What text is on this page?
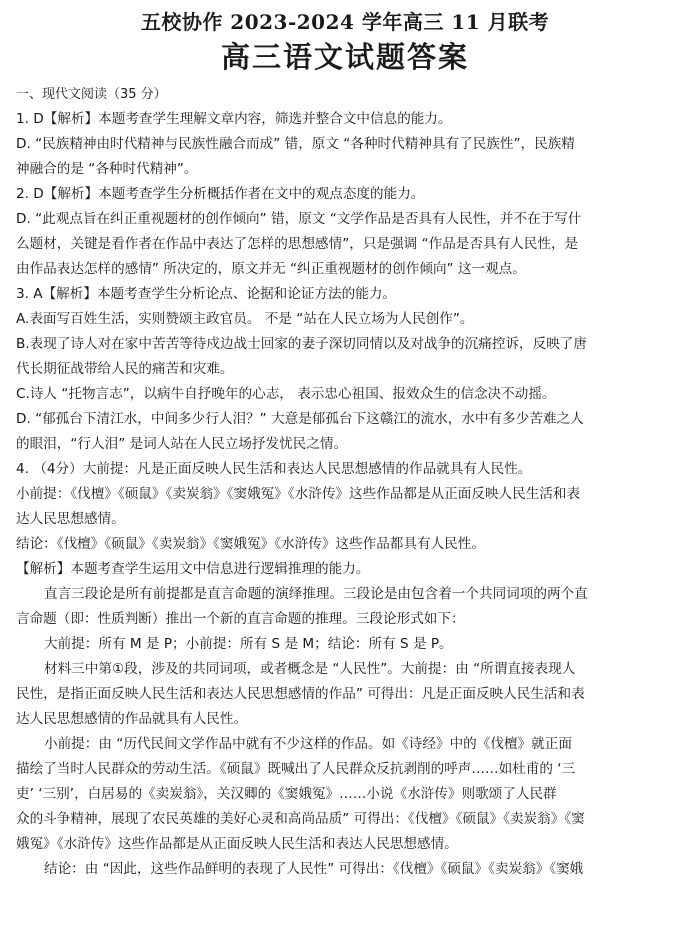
五校协作 2023-2024 学年高三 11 月联考
高三语文试题答案

一、现代文阅读（35 分）

1. D【解析】本题考查学生理解文章内容，筛选并整合文中信息的能力。

D. “民族精神由时代精神与民族性融合而成” 错，原文 “各种时代精神具有了民族性”，民族精

神融合的是 “各种时代精神”。

2. D【解析】本题考查学生分析概括作者在文中的观点态度的能力。

D. “此观点旨在纠正重视题材的创作倾向” 错，原文 “文学作品是否具有人民性，并不在于写什

么题材，关键是看作者在作品中表达了怎样的思想感情”，只是强调 “作品是否具有人民性，是

由作品表达怎样的感情” 所决定的，原文并无 “纠正重视题材的创作倾向” 这一观点。

3. A【解析】本题考查学生分析论点、论据和论证方法的能力。

A.表面写百姓生活，实则赞颂主政官员。 不是 “站在人民立场为人民创作”。

B.表现了诗人对在家中苦苦等待戍边战士回家的妻子深切同情以及对战争的沉痛控诉，反映了唐

代长期征战带给人民的痛苦和灾难。

C.诗人 “托物言志”，以病牛自抒晚年的心志， 表示忠心祖国、报效众生的信念决不动摇。

D. “郁孤台下清江水，中间多少行人泪？” 大意是郁孤台下这赣江的流水，水中有多少苦难之人

的眼泪，“行人泪” 是词人站在人民立场抒发忧民之情。

4. （4分）大前提：凡是正面反映人民生活和表达人民思想感情的作品就具有人民性。

小前提：《伐檀》《硕鼠》《卖炭翁》《窦娥冤》《水浒传》这些作品都是从正面反映人民生活和表

达人民思想感情。

结论：《伐檀》《硕鼠》《卖炭翁》《窦娥冤》《水浒传》这些作品都具有人民性。

【解析】本题考查学生运用文中信息进行逻辑推理的能力。

直言三段论是所有前提都是直言命题的演绎推理。三段论是由包含着一个共同词项的两个直

言命题（即：性质判断）推出一个新的直言命题的推理。三段论形式如下：

大前提：所有 M 是 P；小前提：所有 S 是 M；结论：所有 S 是 P。

材料三中第①段，涉及的共同词项，或者概念是 “人民性”。大前提：由 “所谓直接表现人

民性，是指正面反映人民生活和表达人民思想感情的作品” 可得出：凡是正面反映人民生活和表

达人民思想感情的作品就具有人民性。

小前提：由 “历代民间文学作品中就有不少这样的作品。如《诗经》中的《伐檀》就正面

描绘了当时人民群众的劳动生活。《硕鼠》既喊出了人民群众反抗剥削的呼声……如杜甫的 ‘三

吏’ ‘三别’，白居易的《卖炭翁》，关汉卿的《窦娥冤》……小说《水浒传》则歌颂了人民群

众的斗争精神，展现了农民英雄的美好心灵和高尚品质” 可得出：《伐檀》《硕鼠》《卖炭翁》《窦

娥冤》《水浒传》这些作品都是从正面反映人民生活和表达人民思想感情。

结论：由 “因此，这些作品鲜明的表现了人民性” 可得出：《伐檀》《硕鼠》《卖炭翁》《窦娥
